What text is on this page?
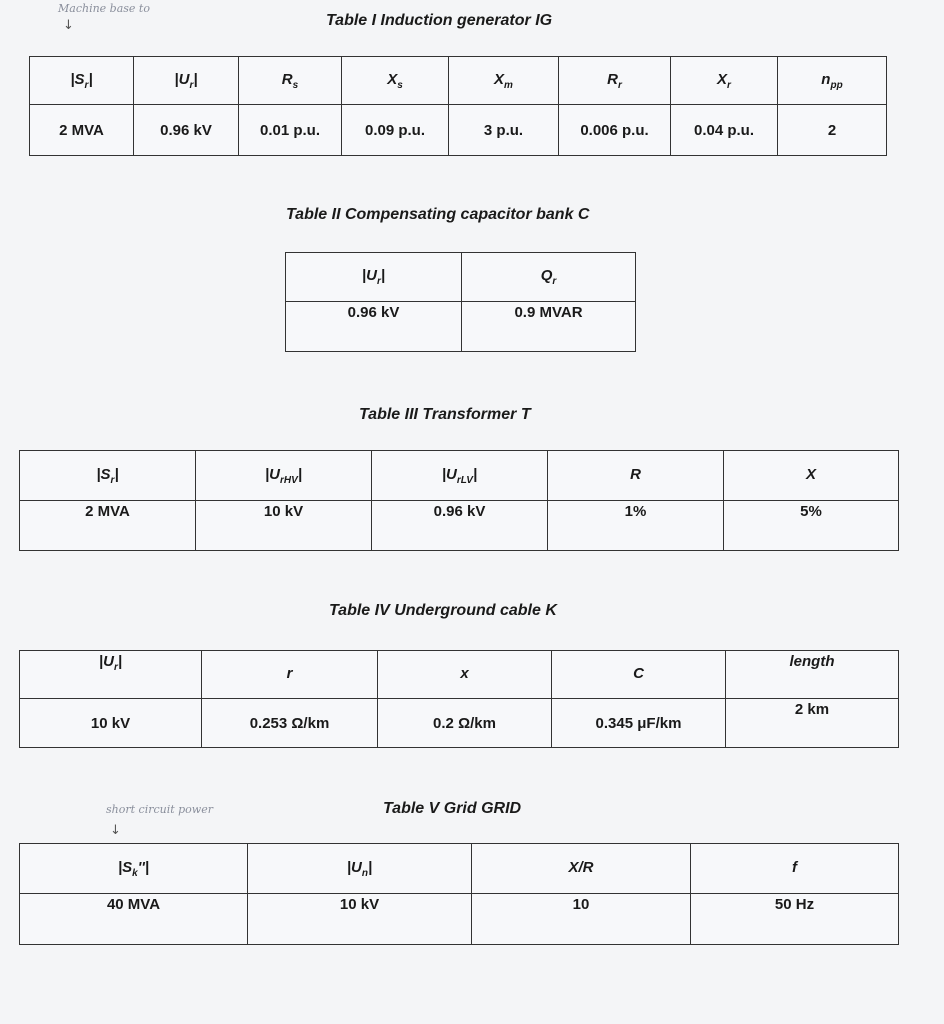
Machine base to
↓
short circuit power
↓
Table I Induction generator IG
$|S_r|$	$|U_r|$	$R_s$	$X_s$	$X_m$	$R_r$	$X_r$	$n_{pp}$
2 MVA	0.96 kV	0.01 p.u.	0.09 p.u.	3 p.u.	0.006 p.u.	0.04 p.u.	2
Table II Compensating capacitor bank C
$|U_r|$	$Q_r$
0.96 kV	0.9 MVAR
Table III Transformer T
$|S_r|$	$|U_{rHV}|$	$|U_{rLV}|$	R	X
2 MVA	10 kV	0.96 kV	1%	5%
Table IV Underground cable K
$|U_r|$	r	x	C	length
10 kV	0.253 Ω/km	0.2 Ω/km	0.345 μF/km	2 km
Table V Grid GRID
$|S_k''|$	$|U_n|$	X/R	f
40 MVA	10 kV	10	50 Hz
